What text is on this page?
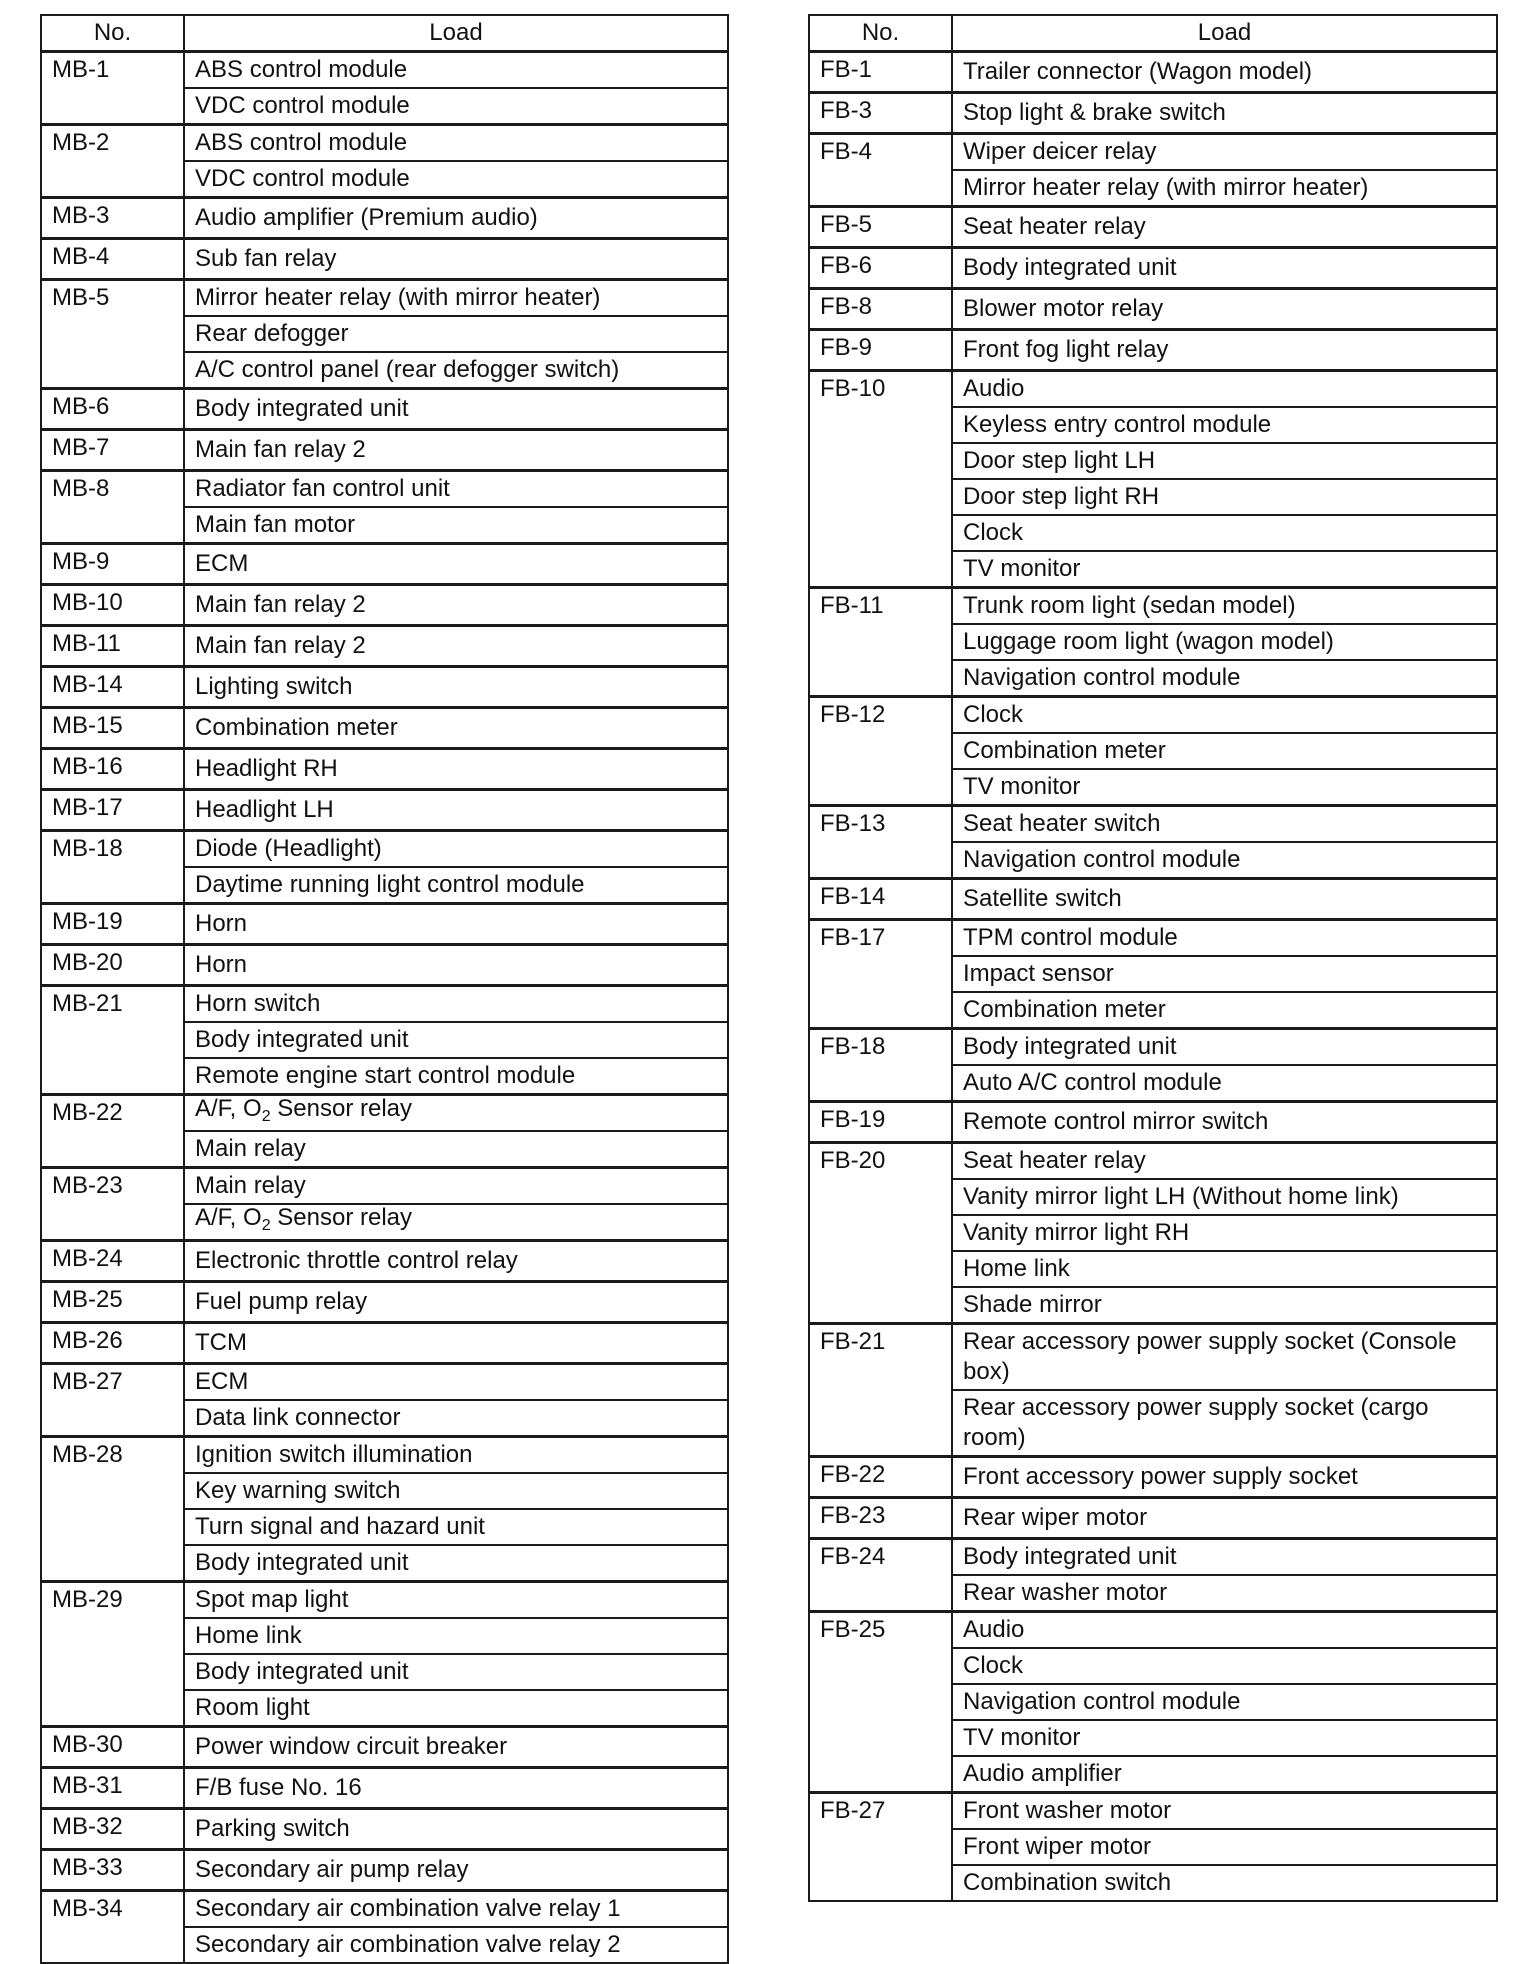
No.	Load
MB-1	ABS control module
	VDC control module
MB-2	ABS control module
	VDC control module
MB-3	Audio amplifier (Premium audio)
MB-4	Sub fan relay
MB-5	Mirror heater relay (with mirror heater)
	Rear defogger
	A/C control panel (rear defogger switch)
MB-6	Body integrated unit
MB-7	Main fan relay 2
MB-8	Radiator fan control unit
	Main fan motor
MB-9	ECM
MB-10	Main fan relay 2
MB-11	Main fan relay 2
MB-14	Lighting switch
MB-15	Combination meter
MB-16	Headlight RH
MB-17	Headlight LH
MB-18	Diode (Headlight)
	Daytime running light control module
MB-19	Horn
MB-20	Horn
MB-21	Horn switch
	Body integrated unit
	Remote engine start control module
MB-22	A/F, $O_2$ Sensor relay
	Main relay
MB-23	Main relay
	A/F, $O_2$ Sensor relay
MB-24	Electronic throttle control relay
MB-25	Fuel pump relay
MB-26	TCM
MB-27	ECM
	Data link connector
MB-28	Ignition switch illumination
	Key warning switch
	Turn signal and hazard unit
	Body integrated unit
MB-29	Spot map light
	Home link
	Body integrated unit
	Room light
MB-30	Power window circuit breaker
MB-31	F/B fuse No. 16
MB-32	Parking switch
MB-33	Secondary air pump relay
MB-34	Secondary air combination valve relay 1
	Secondary air combination valve relay 2
No.	Load
FB-1	Trailer connector (Wagon model)
FB-3	Stop light & brake switch
FB-4	Wiper deicer relay
	Mirror heater relay (with mirror heater)
FB-5	Seat heater relay
FB-6	Body integrated unit
FB-8	Blower motor relay
FB-9	Front fog light relay
FB-10	Audio
	Keyless entry control module
	Door step light LH
	Door step light RH
	Clock
	TV monitor
FB-11	Trunk room light (sedan model)
	Luggage room light (wagon model)
	Navigation control module
FB-12	Clock
	Combination meter
	TV monitor
FB-13	Seat heater switch
	Navigation control module
FB-14	Satellite switch
FB-17	TPM control module
	Impact sensor
	Combination meter
FB-18	Body integrated unit
	Auto A/C control module
FB-19	Remote control mirror switch
FB-20	Seat heater relay
	Vanity mirror light LH (Without home link)
	Vanity mirror light RH
	Home link
	Shade mirror
FB-21	Rear accessory power supply socket (Console box)
	Rear accessory power supply socket (cargo room)
FB-22	Front accessory power supply socket
FB-23	Rear wiper motor
FB-24	Body integrated unit
	Rear washer motor
FB-25	Audio
	Clock
	Navigation control module
	TV monitor
	Audio amplifier
FB-27	Front washer motor
	Front wiper motor
	Combination switch
